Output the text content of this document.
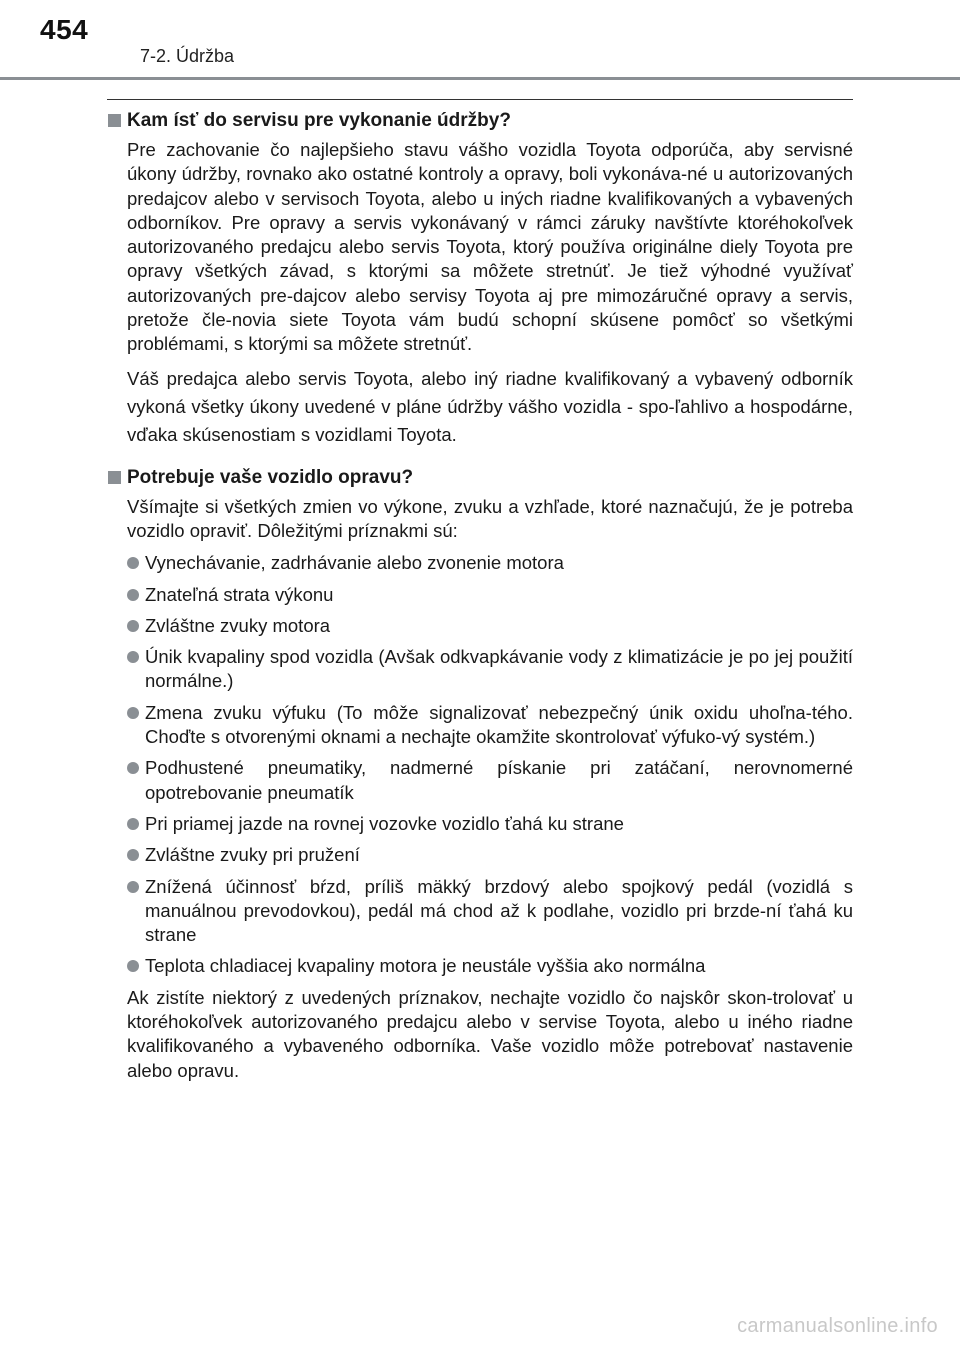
454
7-2. Údržba
Kam ísť do servisu pre vykonanie údržby?

Pre zachovanie čo najlepšieho stavu vášho vozidla Toyota odporúča, aby servisné úkony údržby, rovnako ako ostatné kontroly a opravy, boli vykonáva-né u autorizovaných predajcov alebo v servisoch Toyota, alebo u iných riadne kvalifikovaných a vybavených odborníkov. Pre opravy a servis vykonávaný v rámci záruky navštívte ktoréhokoľvek autorizovaného predajcu alebo servis Toyota, ktorý používa originálne diely Toyota pre opravy všetkých závad, s ktorými sa môžete stretnúť. Je tiež výhodné využívať autorizovaných pre-dajcov alebo servisy Toyota aj pre mimozáručné opravy a servis, pretože čle-novia siete Toyota vám budú schopní skúsene pomôcť so všetkými problémami, s ktorými sa môžete stretnúť.

Váš predajca alebo servis Toyota, alebo iný riadne kvalifikovaný a vybavený odborník vykoná všetky úkony uvedené v pláne údržby vášho vozidla - spo-ľahlivo a hospodárne, vďaka skúsenostiam s vozidlami Toyota.

Potrebuje vaše vozidlo opravu?

Všímajte si všetkých zmien vo výkone, zvuku a vzhľade, ktoré naznačujú, že je potreba vozidlo opraviť. Dôležitými príznakmi sú:

Vynechávanie, zadrhávanie alebo zvonenie motora
Znateľná strata výkonu
Zvláštne zvuky motora
Únik kvapaliny spod vozidla (Avšak odkvapkávanie vody z klimatizácie je po jej použití normálne.)
Zmena zvuku výfuku (To môže signalizovať nebezpečný únik oxidu uhoľna-tého. Choďte s otvorenými oknami a nechajte okamžite skontrolovať výfuko-vý systém.)
Podhustené pneumatiky, nadmerné pískanie pri zatáčaní, nerovnomerné opotrebovanie pneumatík
Pri priamej jazde na rovnej vozovke vozidlo ťahá ku strane
Zvláštne zvuky pri pružení
Znížená účinnosť bŕzd, príliš mäkký brzdový alebo spojkový pedál (vozidlá s manuálnou prevodovkou), pedál má chod až k podlahe, vozidlo pri brzde-ní ťahá ku strane
Teplota chladiacej kvapaliny motora je neustále vyššia ako normálna

Ak zistíte niektorý z uvedených príznakov, nechajte vozidlo čo najskôr skon-trolovať u ktoréhokoľvek autorizovaného predajcu alebo v servise Toyota, alebo u iného riadne kvalifikovaného a vybaveného odborníka. Vaše vozidlo môže potrebovať nastavenie alebo opravu.

carmanualsonline.info
